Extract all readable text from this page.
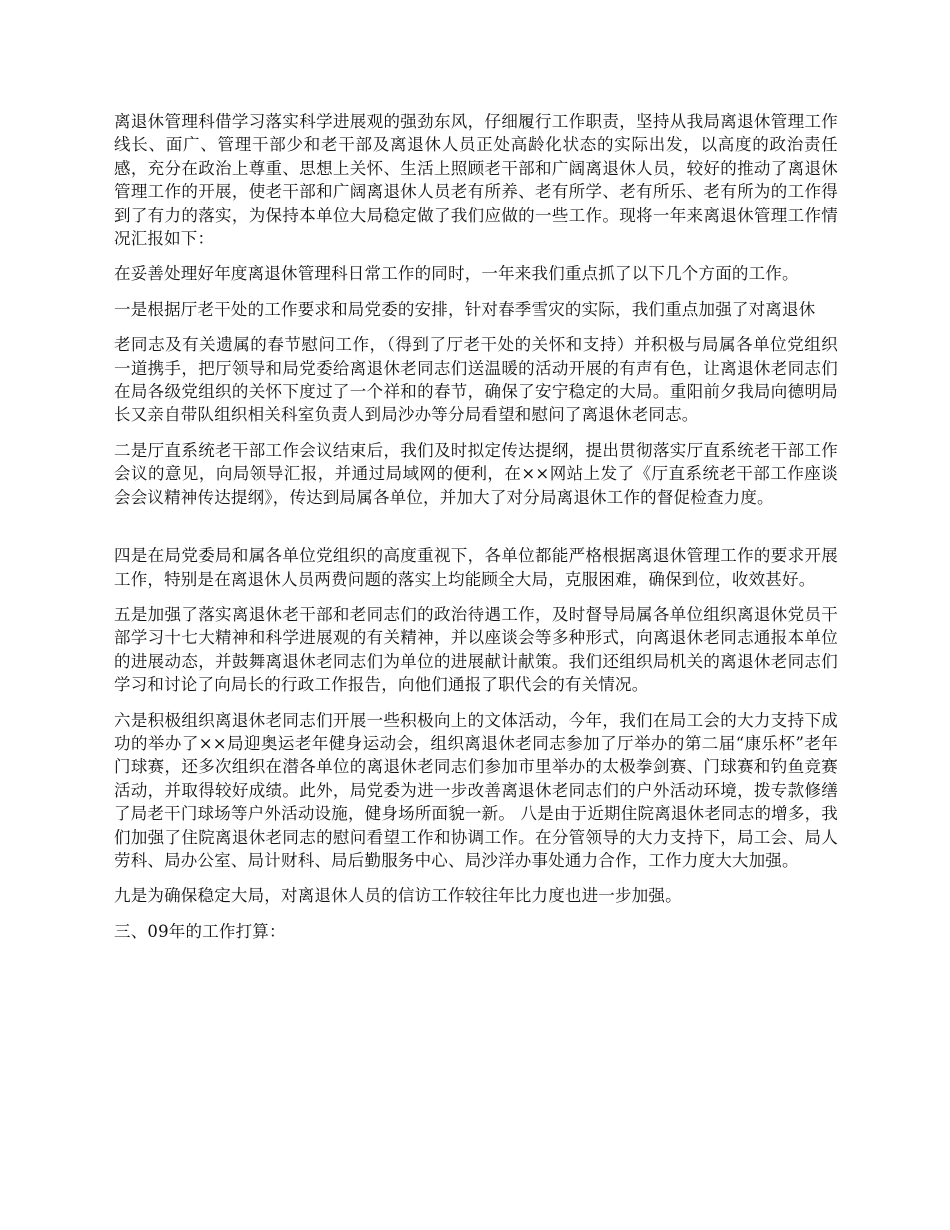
离退休管理科借学习落实科学进展观的强劲东风，仔细履行工作职责，坚持从我局离退休管理工作线长、面广、管理干部少和老干部及离退休人员正处高龄化状态的实际出发，以高度的政治责任感，充分在政治上尊重、思想上关怀、生活上照顾老干部和广阔离退休人员，较好的推动了离退休管理工作的开展，使老干部和广阔离退休人员老有所养、老有所学、老有所乐、老有所为的工作得到了有力的落实，为保持本单位大局稳定做了我们应做的一些工作。现将一年来离退休管理工作情况汇报如下：

在妥善处理好年度离退休管理科日常工作的同时，一年来我们重点抓了以下几个方面的工作。

一是根据厅老干处的工作要求和局党委的安排，针对春季雪灾的实际，我们重点加强了对离退休

老同志及有关遗属的春节慰问工作，（得到了厅老干处的关怀和支持）并积极与局属各单位党组织一道携手，把厅领导和局党委给离退休老同志们送温暖的活动开展的有声有色，让离退休老同志们在局各级党组织的关怀下度过了一个祥和的春节，确保了安宁稳定的大局。重阳前夕我局向德明局长又亲自带队组织相关科室负责人到局沙办等分局看望和慰问了离退休老同志。

二是厅直系统老干部工作会议结束后，我们及时拟定传达提纲，提出贯彻落实厅直系统老干部工作会议的意见，向局领导汇报，并通过局域网的便利，在××网站上发了《厅直系统老干部工作座谈会会议精神传达提纲》，传达到局属各单位，并加大了对分局离退休工作的督促检查力度。

四是在局党委局和属各单位党组织的高度重视下，各单位都能严格根据离退休管理工作的要求开展工作，特别是在离退休人员两费问题的落实上均能顾全大局，克服困难，确保到位，收效甚好。

五是加强了落实离退休老干部和老同志们的政治待遇工作，及时督导局属各单位组织离退休党员干部学习十七大精神和科学进展观的有关精神，并以座谈会等多种形式，向离退休老同志通报本单位的进展动态，并鼓舞离退休老同志们为单位的进展献计献策。我们还组织局机关的离退休老同志们学习和讨论了向局长的行政工作报告，向他们通报了职代会的有关情况。

六是积极组织离退休老同志们开展一些积极向上的文体活动，今年，我们在局工会的大力支持下成功的举办了××局迎奥运老年健身运动会，组织离退休老同志参加了厅举办的第二届“康乐杯”老年门球赛，还多次组织在潜各单位的离退休老同志们参加市里举办的太极拳剑赛、门球赛和钓鱼竞赛活动，并取得较好成绩。此外，局党委为进一步改善离退休老同志们的户外活动环境，拨专款修缮了局老干门球场等户外活动设施，健身场所面貌一新。 八是由于近期住院离退休老同志的增多，我们加强了住院离退休老同志的慰问看望工作和协调工作。在分管领导的大力支持下，局工会、局人劳科、局办公室、局计财科、局后勤服务中心、局沙洋办事处通力合作，工作力度大大加强。

九是为确保稳定大局，对离退休人员的信访工作较往年比力度也进一步加强。

三、09年的工作打算：
